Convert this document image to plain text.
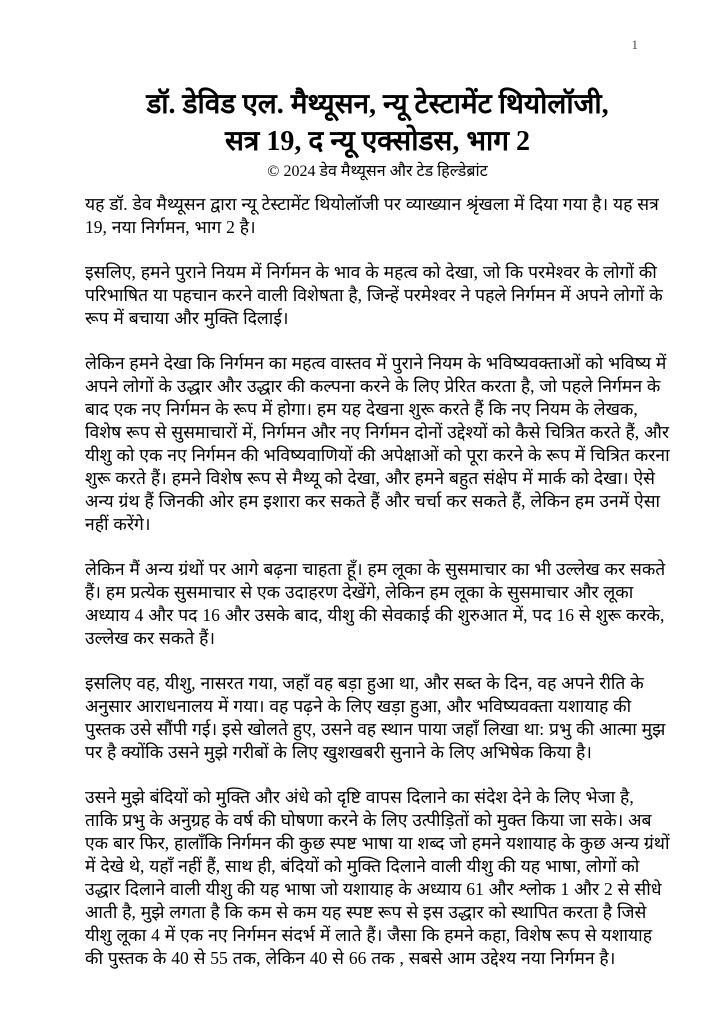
1
डॉ. डेविड एल. मैथ्यूसन, न्यू टेस्टामेंट थियोलॉजी,
सत्र 19, द न्यू एक्सोडस, भाग 2
© 2024 डेव मैथ्यूसन और टेड हिल्डेब्रांट

यह डॉ. डेव मैथ्यूसन द्वारा न्यू टेस्टामेंट थियोलॉजी पर व्याख्यान श्रृंखला में दिया गया है। यह सत्र 19, नया निर्गमन, भाग 2 है।

इसलिए, हमने पुराने नियम में निर्गमन के भाव के महत्व को देखा, जो कि परमेश्वर के लोगों की परिभाषित या पहचान करने वाली विशेषता है, जिन्हें परमेश्वर ने पहले निर्गमन में अपने लोगों के रूप में बचाया और मुक्ति दिलाई।

लेकिन हमने देखा कि निर्गमन का महत्व वास्तव में पुराने नियम के भविष्यवक्ताओं को भविष्य में अपने लोगों के उद्धार और उद्धार की कल्पना करने के लिए प्रेरित करता है, जो पहले निर्गमन के बाद एक नए निर्गमन के रूप में होगा। हम यह देखना शुरू करते हैं कि नए नियम के लेखक, विशेष रूप से सुसमाचारों में, निर्गमन और नए निर्गमन दोनों उद्देश्यों को कैसे चित्रित करते हैं, और यीशु को एक नए निर्गमन की भविष्यवाणियों की अपेक्षाओं को पूरा करने के रूप में चित्रित करना शुरू करते हैं। हमने विशेष रूप से मैथ्यू को देखा, और हमने बहुत संक्षेप में मार्क को देखा। ऐसे अन्य ग्रंथ हैं जिनकी ओर हम इशारा कर सकते हैं और चर्चा कर सकते हैं, लेकिन हम उनमें ऐसा नहीं करेंगे।

लेकिन मैं अन्य ग्रंथों पर आगे बढ़ना चाहता हूँ। हम लूका के सुसमाचार का भी उल्लेख कर सकते हैं। हम प्रत्येक सुसमाचार से एक उदाहरण देखेंगे, लेकिन हम लूका के सुसमाचार और लूका अध्याय 4 और पद 16 और उसके बाद, यीशु की सेवकाई की शुरुआत में, पद 16 से शुरू करके, उल्लेख कर सकते हैं।

इसलिए वह, यीशु, नासरत गया, जहाँ वह बड़ा हुआ था, और सब्त के दिन, वह अपने रीति के अनुसार आराधनालय में गया। वह पढ़ने के लिए खड़ा हुआ, और भविष्यवक्ता यशायाह की पुस्तक उसे सौंपी गई। इसे खोलते हुए, उसने वह स्थान पाया जहाँ लिखा था: प्रभु की आत्मा मुझ पर है क्योंकि उसने मुझे गरीबों के लिए खुशखबरी सुनाने के लिए अभिषेक किया है।

उसने मुझे बंदियों को मुक्ति और अंधे को दृष्टि वापस दिलाने का संदेश देने के लिए भेजा है, ताकि प्रभु के अनुग्रह के वर्ष की घोषणा करने के लिए उत्पीड़ितों को मुक्त किया जा सके। अब एक बार फिर, हालाँकि निर्गमन की कुछ स्पष्ट भाषा या शब्द जो हमने यशायाह के कुछ अन्य ग्रंथों में देखे थे, यहाँ नहीं हैं, साथ ही, बंदियों को मुक्ति दिलाने वाली यीशु की यह भाषा, लोगों को उद्धार दिलाने वाली यीशु की यह भाषा जो यशायाह के अध्याय 61 और श्लोक 1 और 2 से सीधे आती है, मुझे लगता है कि कम से कम यह स्पष्ट रूप से इस उद्धार को स्थापित करता है जिसे यीशु लूका 4 में एक नए निर्गमन संदर्भ में लाते हैं। जैसा कि हमने कहा, विशेष रूप से यशायाह की पुस्तक के 40 से 55 तक, लेकिन 40 से 66 तक , सबसे आम उद्देश्य नया निर्गमन है।
